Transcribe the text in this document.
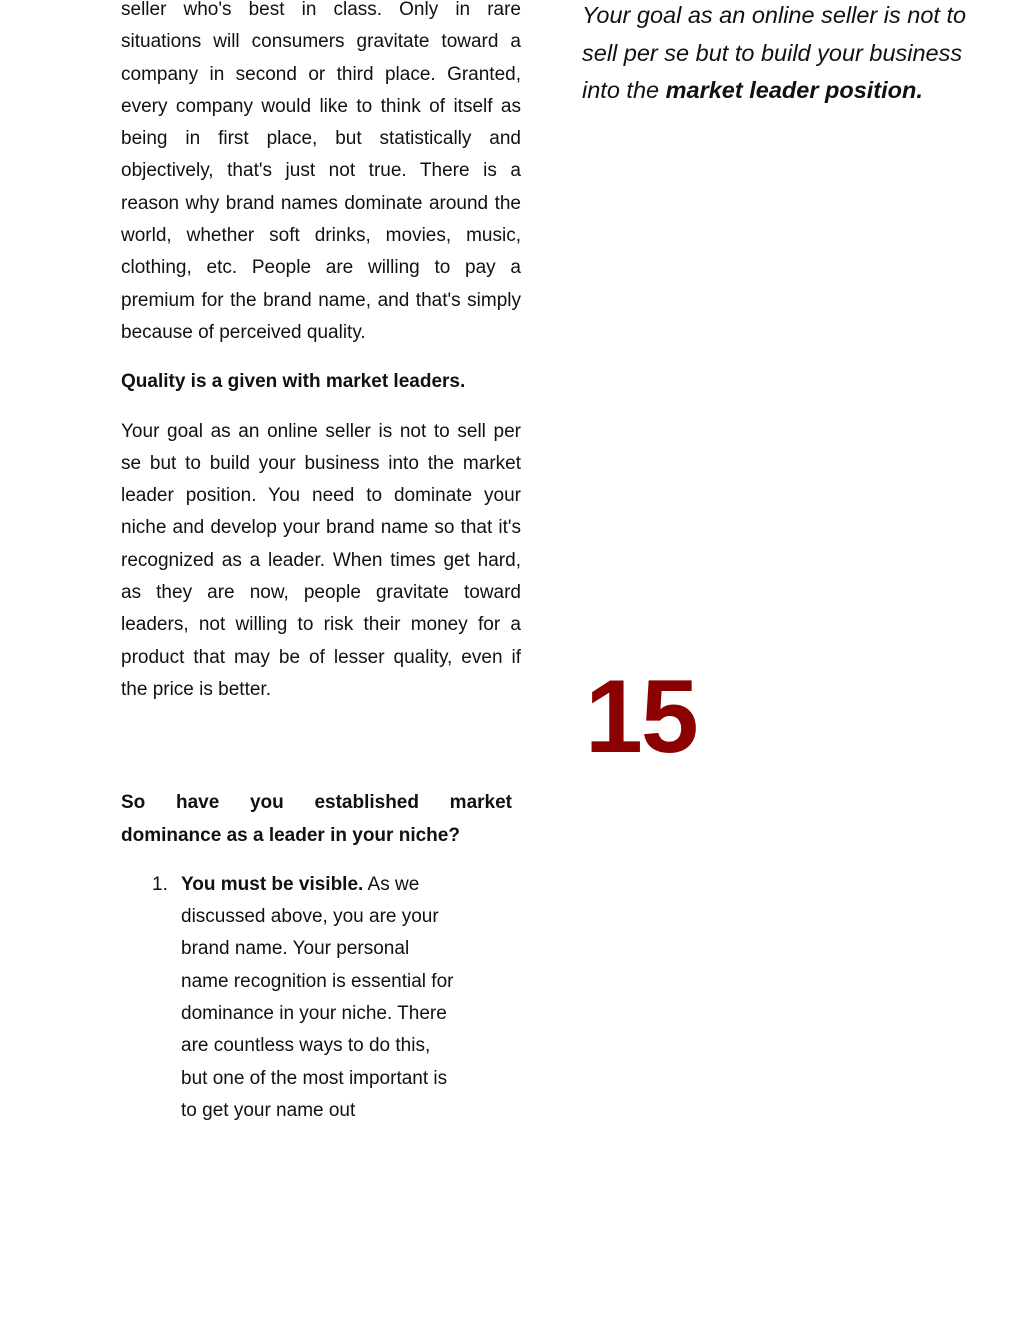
seller who's best in class. Only in rare situations will consumers gravitate toward a company in second or third place. Granted, every company would like to think of itself as being in first place, but statistically and objectively, that's just not true. There is a reason why brand names dominate around the world, whether soft drinks, movies, music, clothing, etc. People are willing to pay a premium for the brand name, and that's simply because of perceived quality.

Quality is a given with market leaders.

Your goal as an online seller is not to sell per se but to build your business into the market leader position. You need to dominate your niche and develop your brand name so that it's recognized as a leader. When times get hard, as they are now, people gravitate toward leaders, not willing to risk their money for a product that may be of lesser quality, even if the price is better.

So have you established market
dominance as a leader in your niche?

1. You must be visible. As we discussed above, you are your brand name. Your personal name recognition is essential for dominance in your niche. There are countless ways to do this, but one of the most important is to get your name out

Your goal as an online seller is not to sell per se but to build your business into the market leader position.

15
